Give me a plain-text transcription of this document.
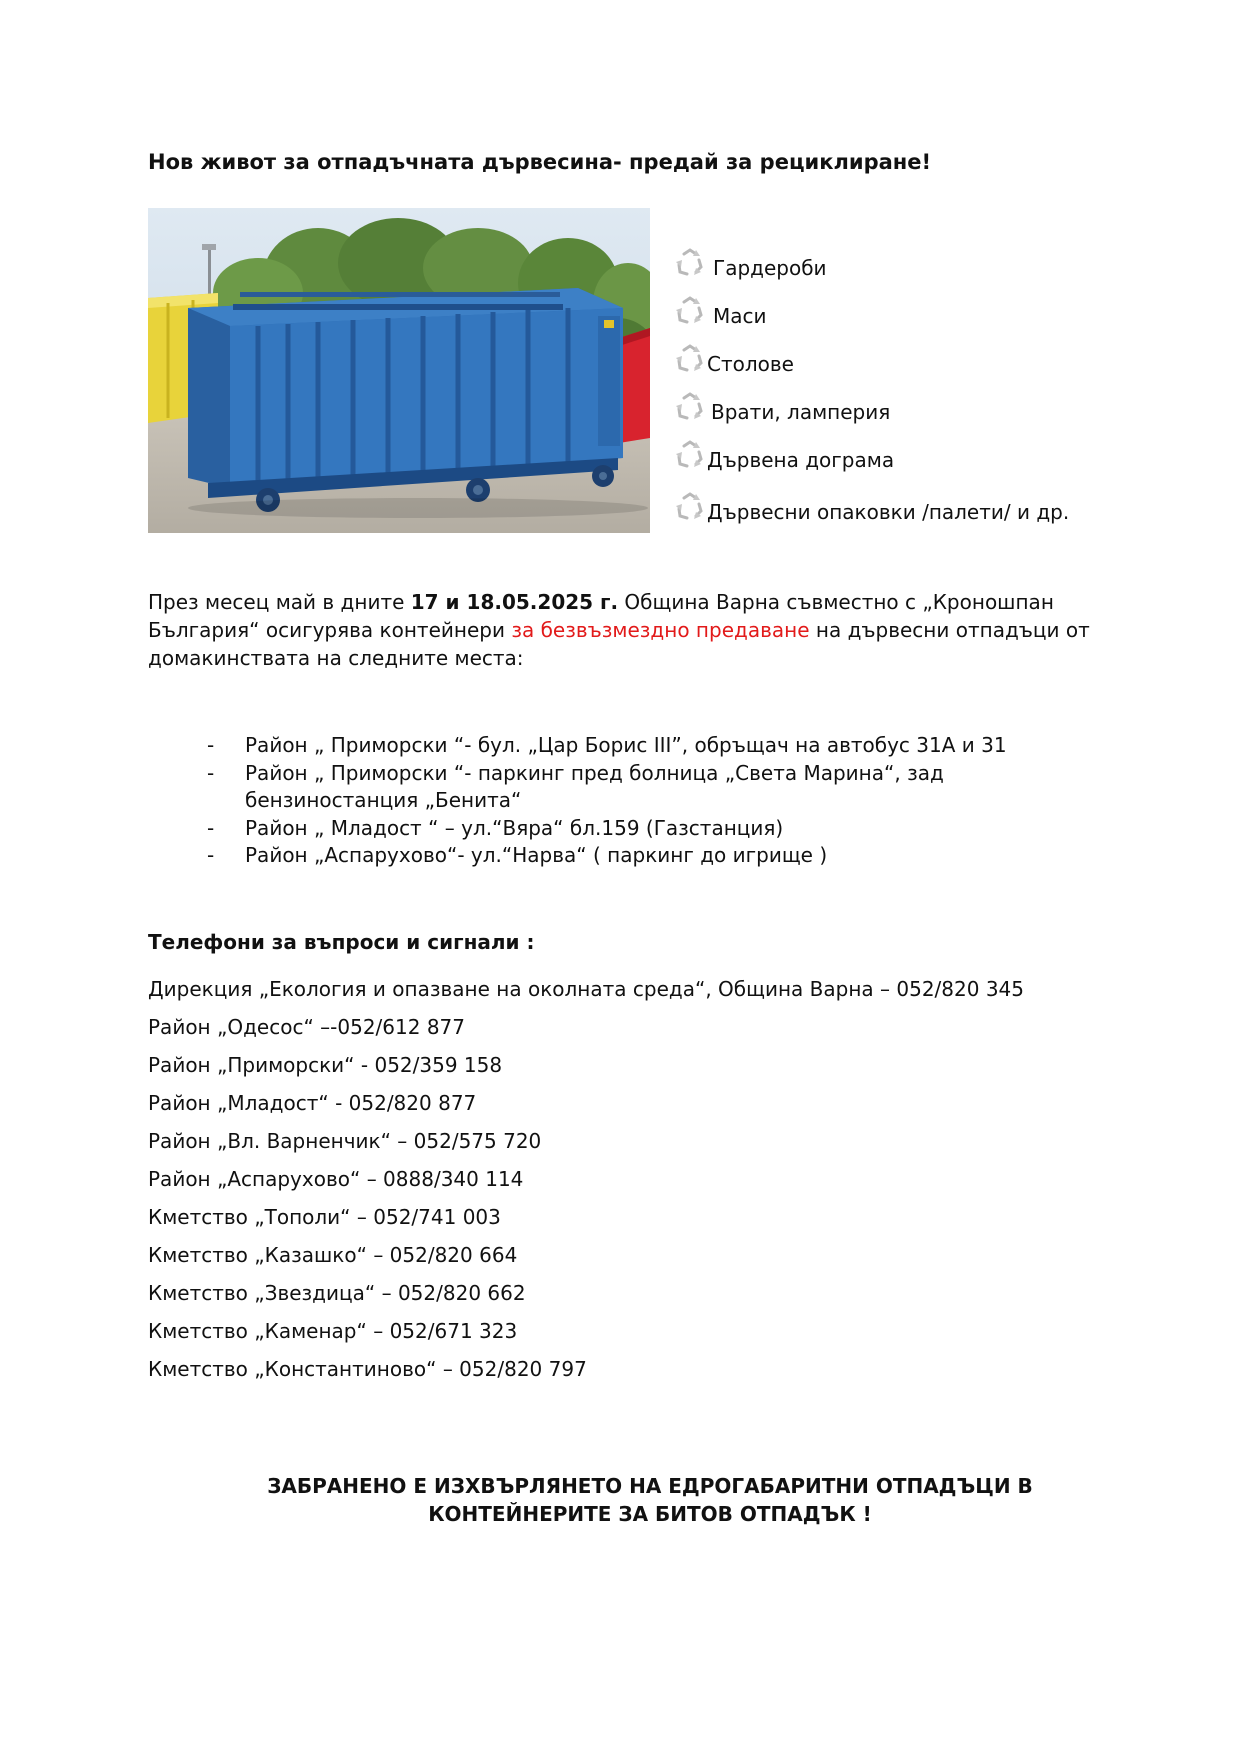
Нов живот за отпадъчната дървесина- предай за рециклиране!
Гардероби
Маси
Столове
Врати, ламперия
Дървена дограма
Дървесни опаковки /палети/ и др.
През месец май в дните 17 и 18.05.2025 г. Община Варна съвместно с „Кроношпан България“ осигурява контейнери за безвъзмездно предаване на дървесни отпадъци от домакинствата на следните места:
- Район „ Приморски “- бул. „Цар Борис III”, обръщач на автобус 31А и 31
- Район „ Приморски “- паркинг пред болница „Света Марина“, зад бензиностанция „Бенита“
- Район „ Младост “ – ул.“Вяра“ бл.159 (Газстанция)
- Район „Аспарухово“- ул.“Нарва“ ( паркинг до игрище )
Телефони за въпроси и сигнали :
Дирекция „Екология и опазване на околната среда“, Община Варна – 052/820 345
Район „Одесос“ –-052/612 877
Район „Приморски“ - 052/359 158
Район „Младост“ - 052/820 877
Район „Вл. Варненчик“ – 052/575 720
Район „Аспарухово“ – 0888/340 114
Кметство „Тополи“ – 052/741 003
Кметство „Казашко“ – 052/820 664
Кметство „Звездица“ – 052/820 662
Кметство „Каменар“ – 052/671 323
Кметство „Константиново“ – 052/820 797
ЗАБРАНЕНО Е ИЗХВЪРЛЯНЕТО НА ЕДРОГАБАРИТНИ ОТПАДЪЦИ В
КОНТЕЙНЕРИТЕ ЗА БИТОВ ОТПАДЪК !
